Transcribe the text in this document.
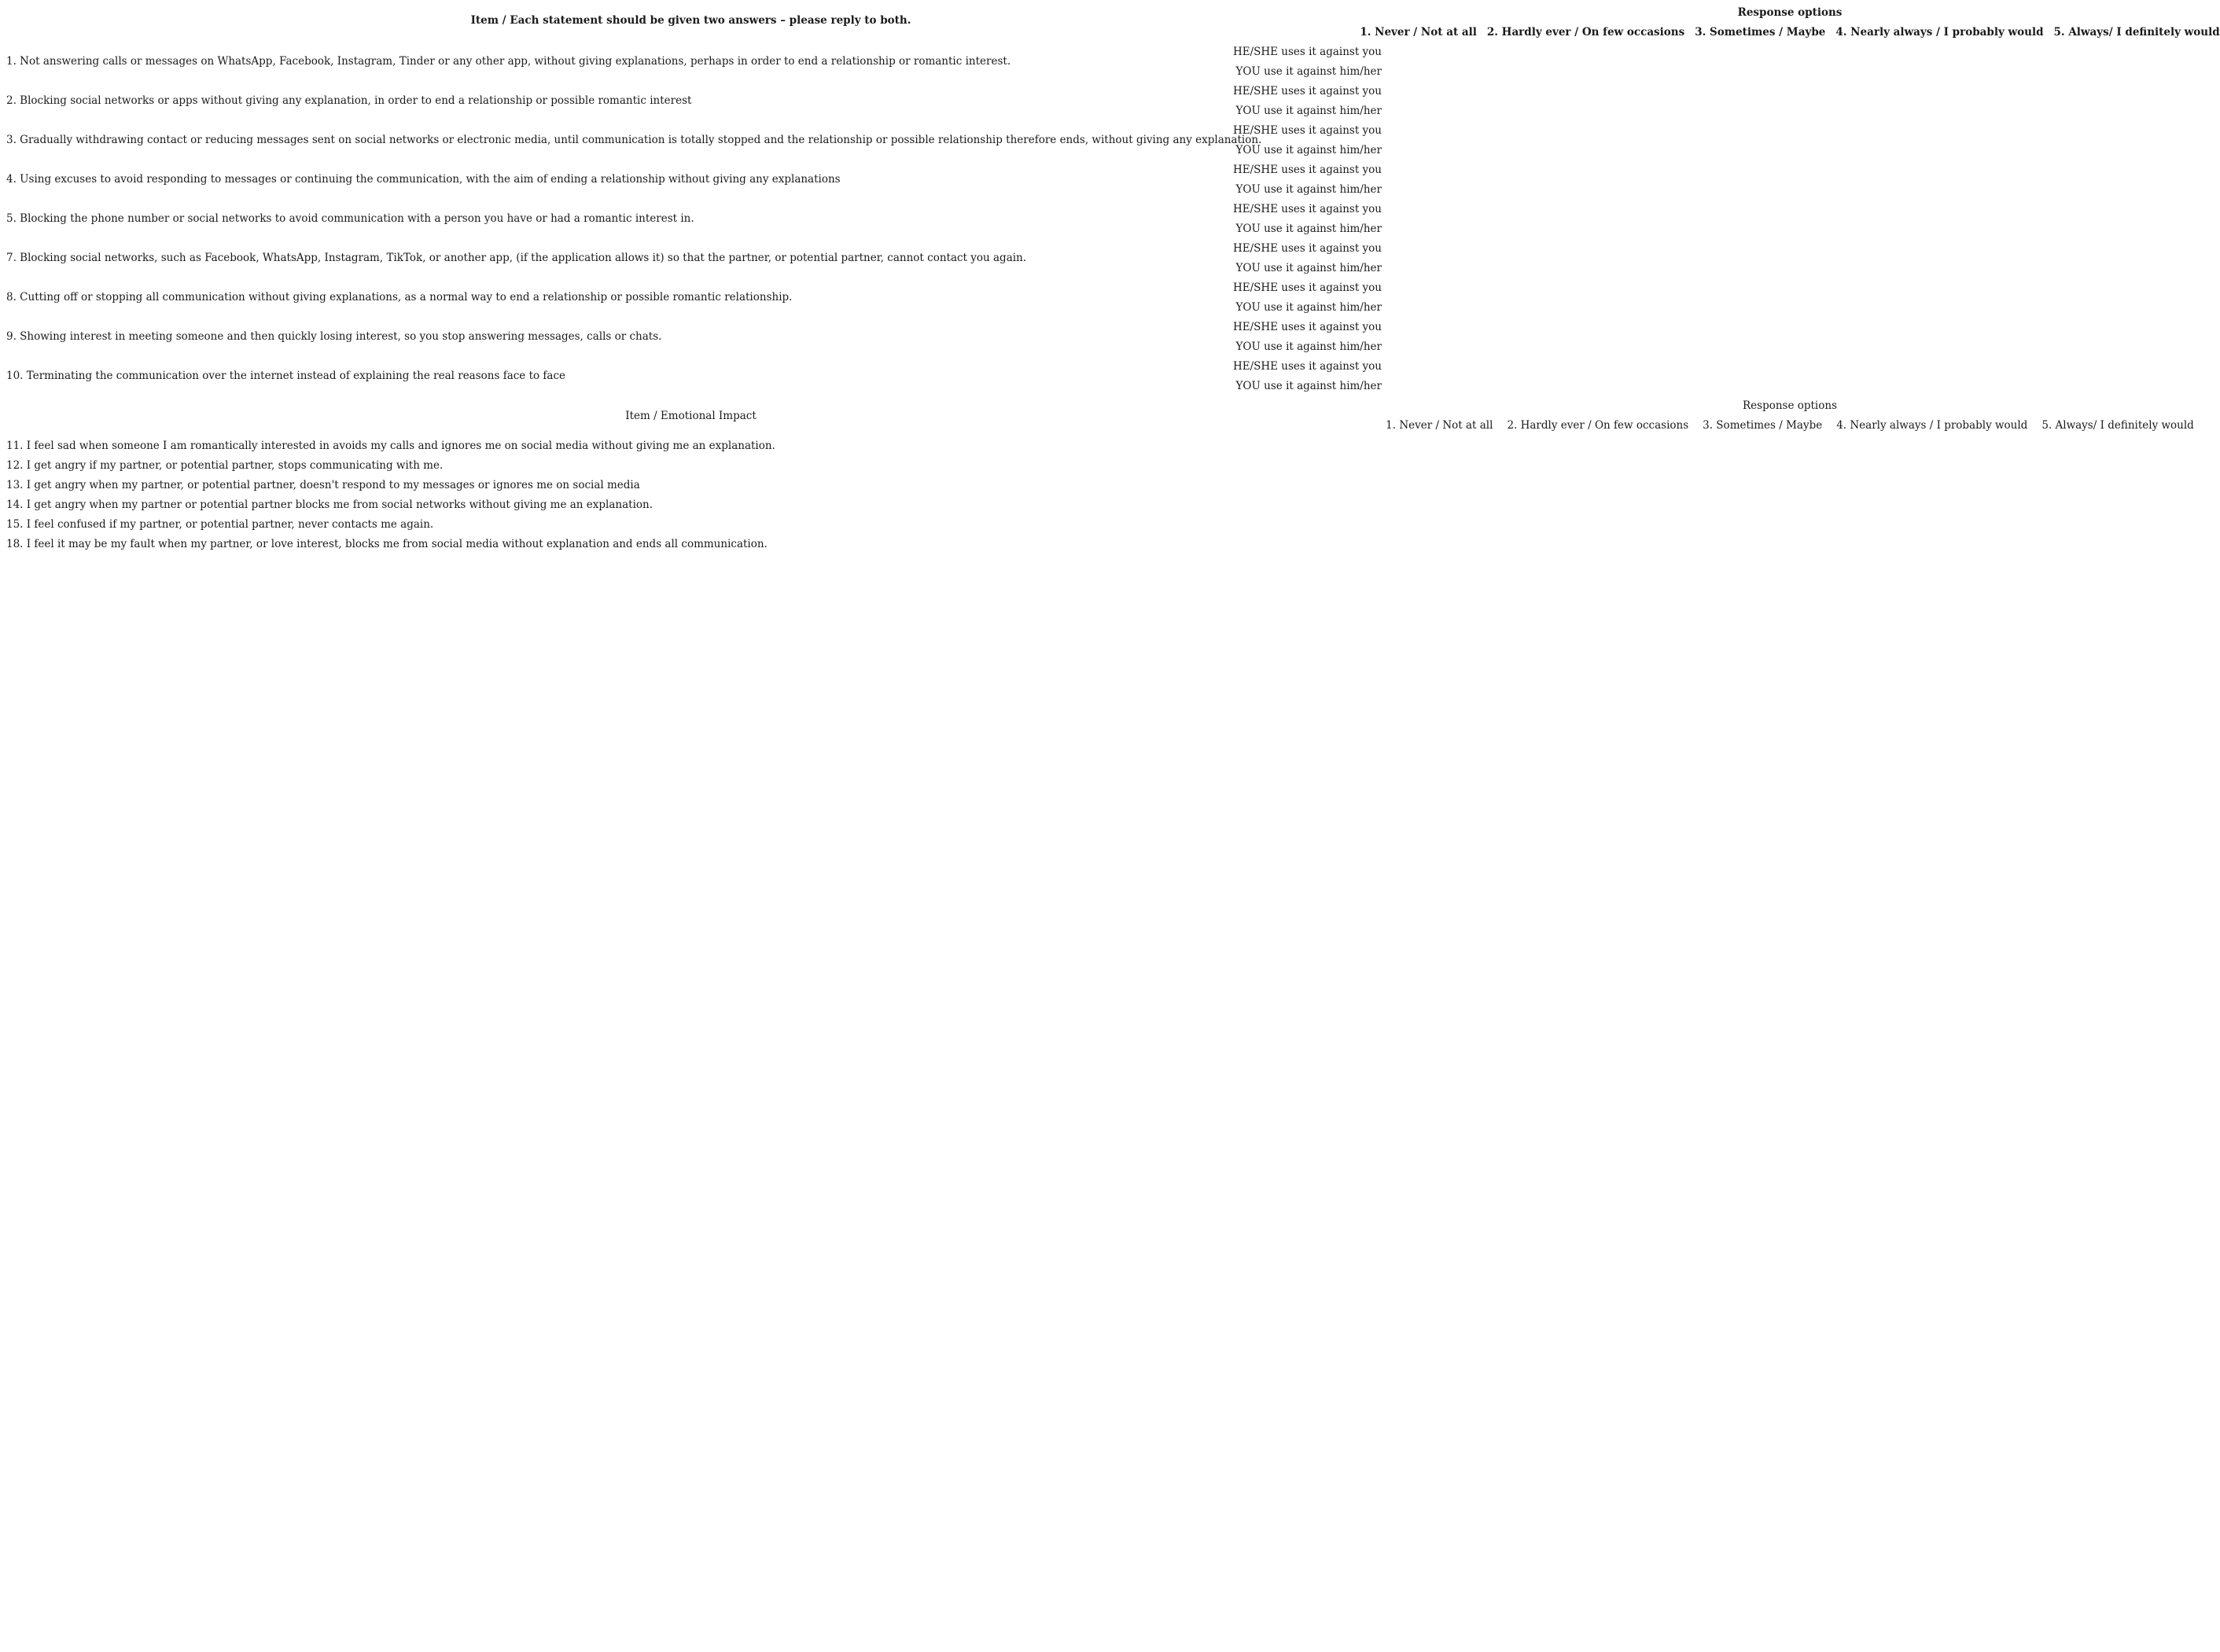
Item / Each statement should be given two answers – please reply to both.
Response options
1. Never / Not at all 2. Hardly ever / On few occasions 3. Sometimes / Maybe 4. Nearly always / I probably would 5. Always/ I definitely would
1. Not answering calls or messages on WhatsApp, Facebook, Instagram, Tinder or any other app, without giving explanations, perhaps in order to end a relationship or romantic interest.
HE/SHE uses it against you
YOU use it against him/her
2. Blocking social networks or apps without giving any explanation, in order to end a relationship or possible romantic interest
HE/SHE uses it against you
YOU use it against him/her
3. Gradually withdrawing contact or reducing messages sent on social networks or electronic media, until communication is totally stopped and the relationship or possible relationship therefore ends, without giving any explanation.
HE/SHE uses it against you
YOU use it against him/her
4. Using excuses to avoid responding to messages or continuing the communication, with the aim of ending a relationship without giving any explanations
HE/SHE uses it against you
YOU use it against him/her
5. Blocking the phone number or social networks to avoid communication with a person you have or had a romantic interest in.
HE/SHE uses it against you
YOU use it against him/her
7. Blocking social networks, such as Facebook, WhatsApp, Instagram, TikTok, or another app, (if the application allows it) so that the partner, or potential partner, cannot contact you again.
HE/SHE uses it against you
YOU use it against him/her
8. Cutting off or stopping all communication without giving explanations, as a normal way to end a relationship or possible romantic relationship.
HE/SHE uses it against you
YOU use it against him/her
9. Showing interest in meeting someone and then quickly losing interest, so you stop answering messages, calls or chats.
HE/SHE uses it against you
YOU use it against him/her
10. Terminating the communication over the internet instead of explaining the real reasons face to face
HE/SHE uses it against you
YOU use it against him/her
Item / Emotional Impact
Response options
1. Never / Not at all 2. Hardly ever / On few occasions 3. Sometimes / Maybe 4. Nearly always / I probably would 5. Always/ I definitely would
11. I feel sad when someone I am romantically interested in avoids my calls and ignores me on social media without giving me an explanation.
12. I get angry if my partner, or potential partner, stops communicating with me.
13. I get angry when my partner, or potential partner, doesn't respond to my messages or ignores me on social media
14. I get angry when my partner or potential partner blocks me from social networks without giving me an explanation.
15. I feel confused if my partner, or potential partner, never contacts me again.
18. I feel it may be my fault when my partner, or love interest, blocks me from social media without explanation and ends all communication.
